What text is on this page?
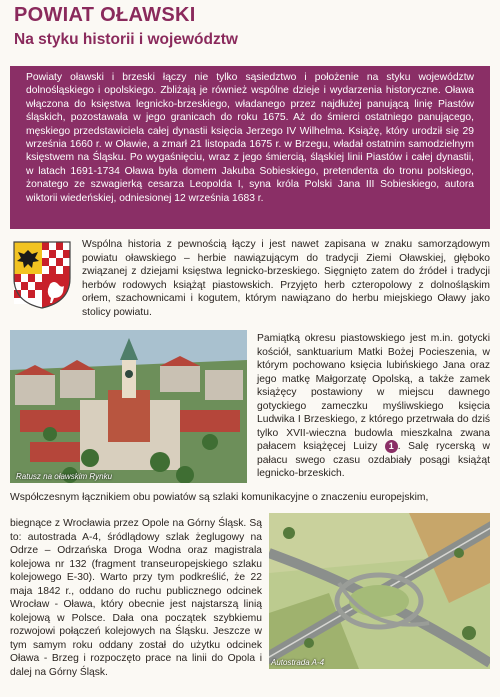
POWIAT OŁAWSKI
Na styku historii i województw
Powiaty oławski i brzeski łączy nie tylko sąsiedztwo i położenie na styku województw dolnośląskiego i opolskiego. Zbliżają je również wspólne dzieje i wydarzenia historyczne. Oława włączona do księstwa legnicko-brzeskiego, władanego przez najdłużej panującą linię Piastów śląskich, pozostawała w jego granicach do roku 1675. Aż do śmierci ostatniego panującego, męskiego przedstawiciela całej dynastii księcia Jerzego IV Wilhelma. Książę, który urodził się 29 września 1660 r. w Oławie, a zmarł 21 listopada 1675 r. w Brzegu, władał ostatnim samodzielnym księstwem na Śląsku. Po wygaśnięciu, wraz z jego śmiercią, śląskiej linii Piastów i całej dynastii, w latach 1691-1734 Oława była domem Jakuba Sobieskiego, pretendenta do tronu polskiego, żonatego ze szwagierką cesarza Leopolda I, syna króla Polski Jana III Sobieskiego, autora wiktorii wiedeńskiej, odniesionej 12 września 1683 r.
Wspólna historia z pewnością łączy i jest nawet zapisana w znaku samorządowym powiatu oławskiego – herbie nawiązującym do tradycji Ziemi Oławskiej, głęboko związanej z dziejami księstwa legnicko-brzeskiego. Sięgnięto zatem do źródeł i tradycji herbów rodowych książąt piastowskich. Przyjęto herb czteropolowy z dolnośląskim orłem, szachownicami i kogutem, którym nawiązano do herbu miejskiego Oławy jako stolicy powiatu.
Ratusz na oławskim Rynku
Pamiątką okresu piastowskiego jest m.in. gotycki kościół, sanktuarium Matki Bożej Pocieszenia, w którym pochowano księcia lubińskiego Jana oraz jego matkę Małgorzatę Opolską, a także zamek książęcy postawiony w miejscu dawnego gotyckiego zameczku myśliwskiego księcia Ludwika I Brzeskiego, z którego przetrwała do dziś tylko XVII-wieczna budowla mieszkalna zwana pałacem książęcej Luizy 1 . Salę rycerską w pałacu swego czasu ozdabiały posągi książąt legnicko-brzeskich.
Współczesnym łącznikiem obu powiatów są szlaki komunikacyjne o znaczeniu europejskim,
biegnące z Wrocławia przez Opole na Górny Śląsk. Są to: autostrada A-4, śródlądowy szlak żeglugowy na Odrze – Odrzańska Droga Wodna oraz magistrala kolejowa nr 132 (fragment transeuropejskiego szlaku kolejowego E-30). Warto przy tym podkreślić, że 22 maja 1842 r., oddano do ruchu publicznego odcinek Wrocław - Oława, który obecnie jest najstarszą linią kolejową w Polsce. Dała ona początek szybkiemu rozwojowi połączeń kolejowych na Śląsku. Jeszcze w tym samym roku oddany został do użytku odcinek Oława - Brzeg i rozpoczęto prace na linii do Opola i dalej na Górny Śląsk.
Autostrada A-4
